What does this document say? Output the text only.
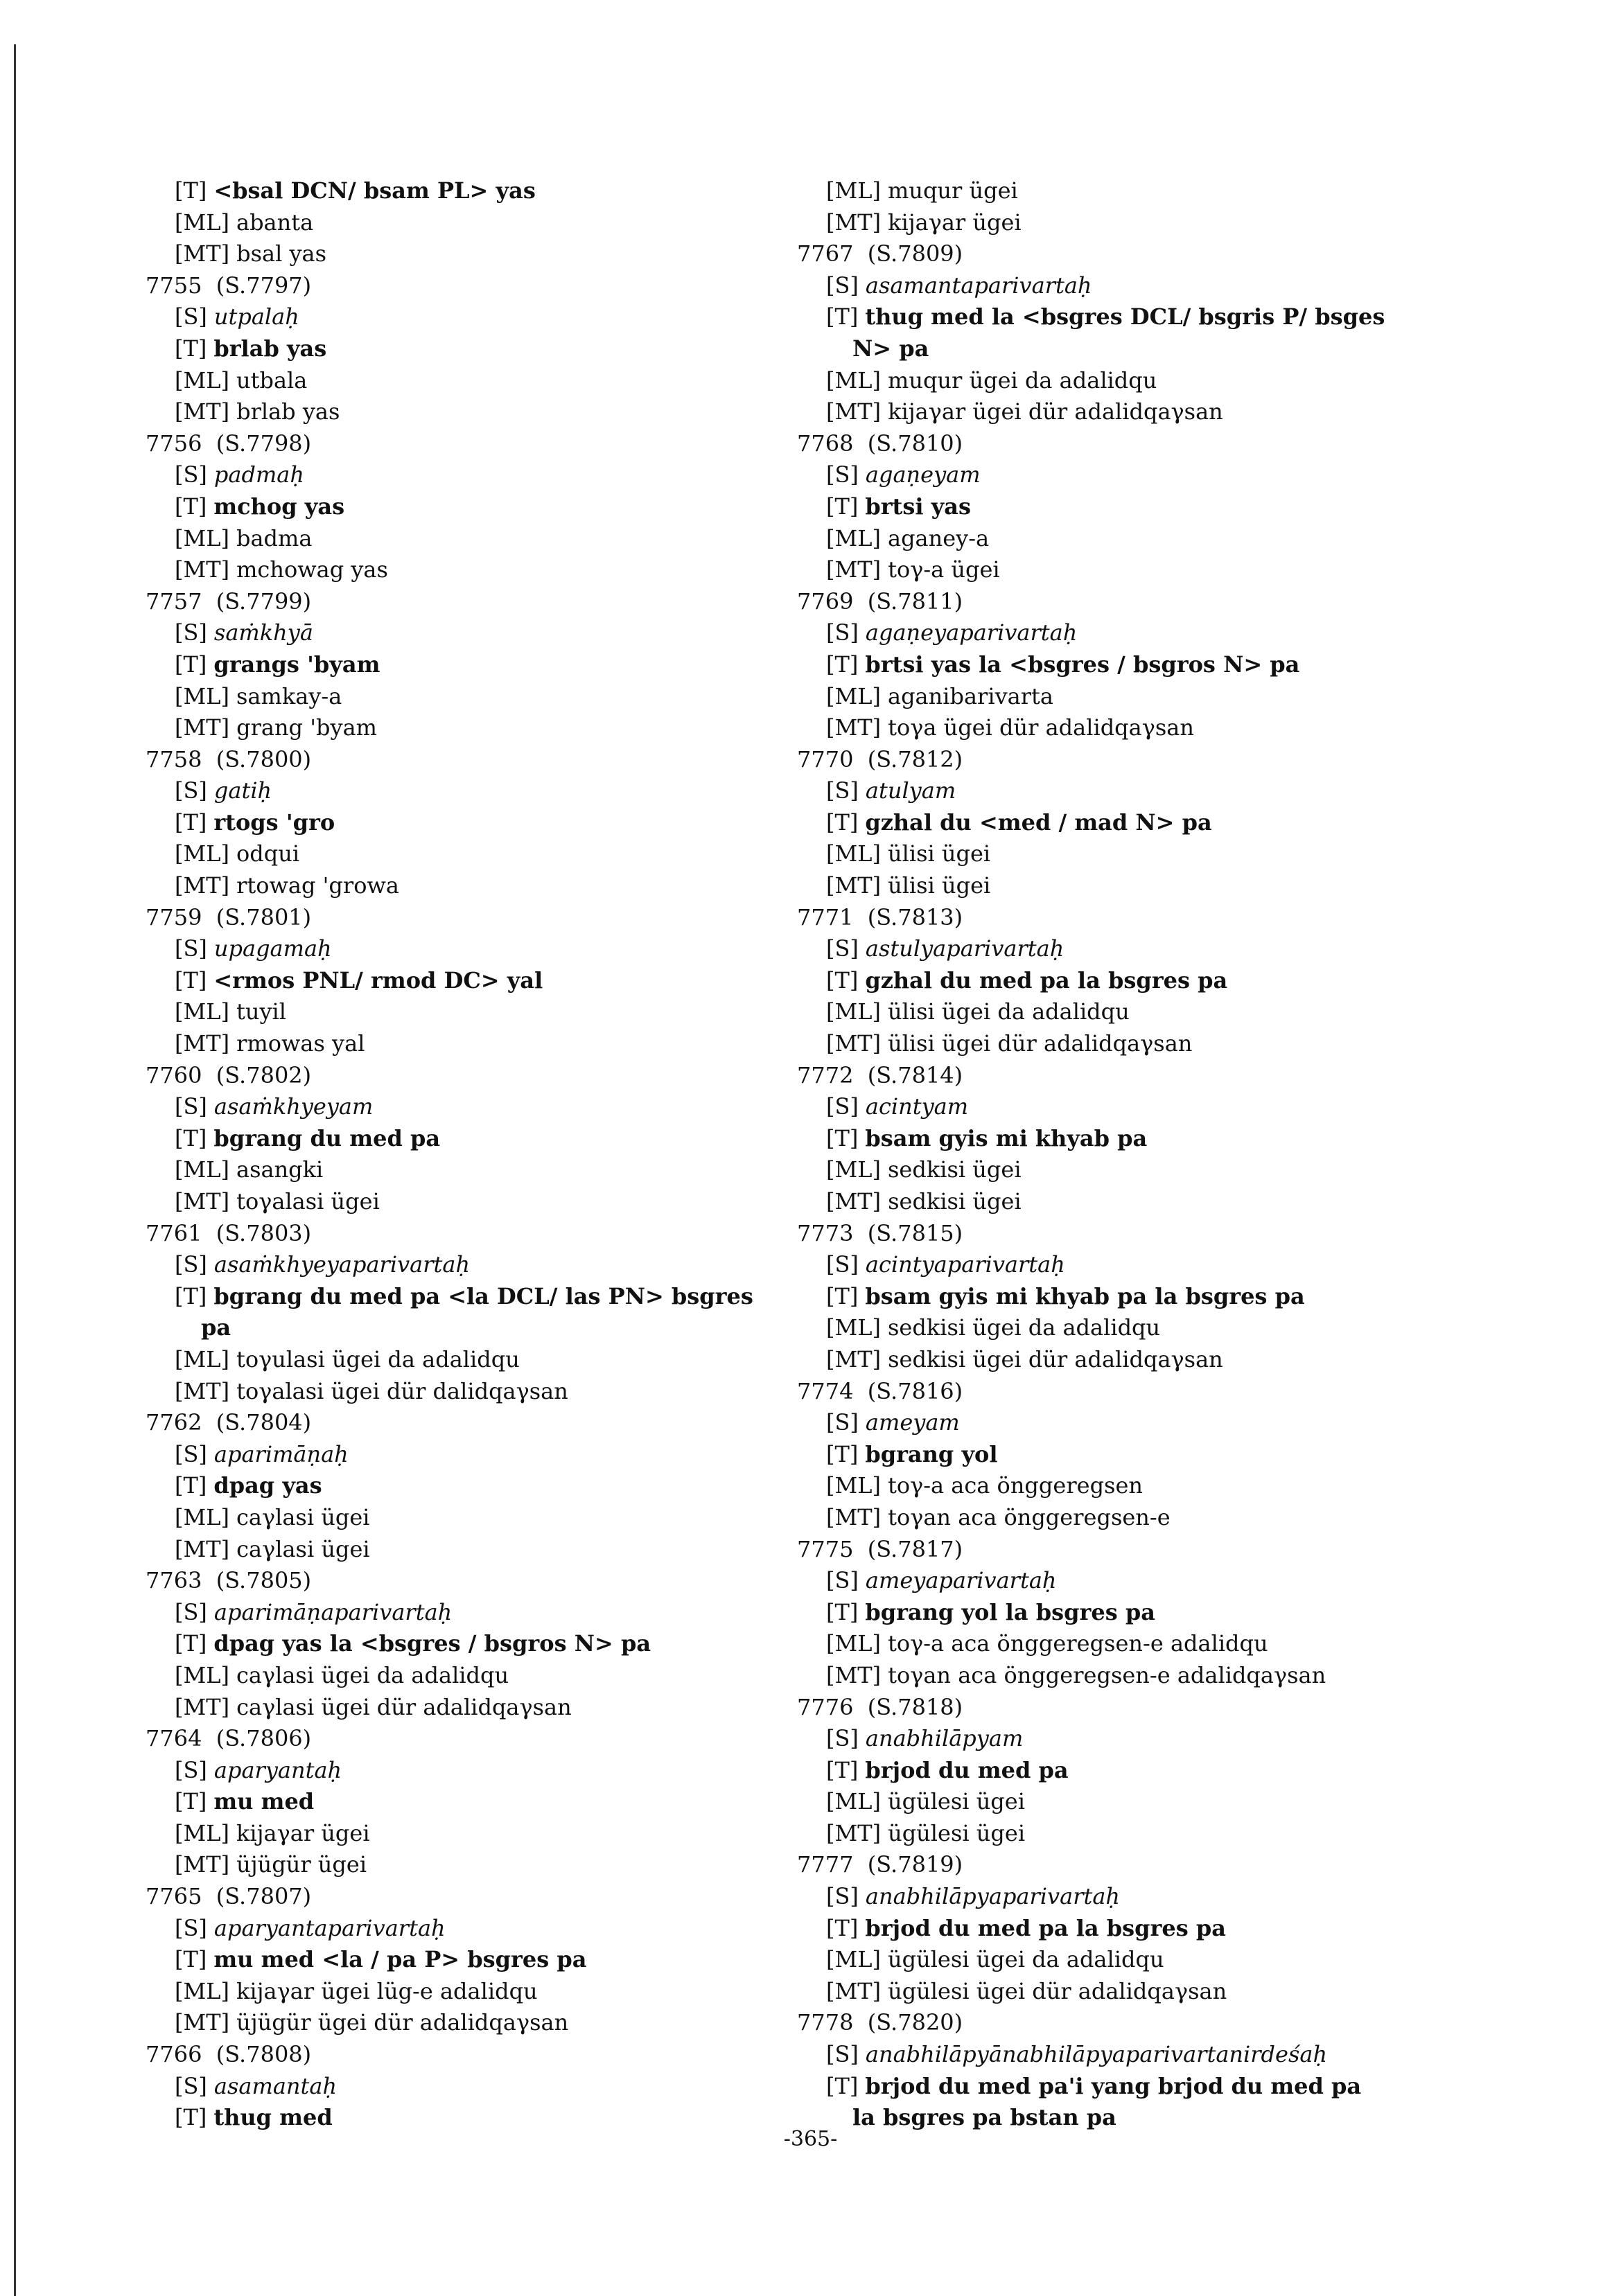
[T] <bsal DCN/ bsam PL> yas
[ML] abanta
[MT] bsal yas
7755  (S.7797)
[S] utpalaḥ
[T] brlab yas
[ML] utbala
[MT] brlab yas
7756  (S.7798)
[S] padmaḥ
[T] mchog yas
[ML] badma
[MT] mchowag yas
7757  (S.7799)
[S] saṁkhyā
[T] grangs 'byam
[ML] samkay-a
[MT] grang 'byam
7758  (S.7800)
[S] gatiḥ
[T] rtogs 'gro
[ML] odqui
[MT] rtowag 'growa
7759  (S.7801)
[S] upagamaḥ
[T] <rmos PNL/ rmod DC> yal
[ML] tuyil
[MT] rmowas yal
7760  (S.7802)
[S] asaṁkhyeyam
[T] bgrang du med pa
[ML] asangki
[MT] toγalasi ügei
7761  (S.7803)
[S] asaṁkhyeyaparivartaḥ
[T] bgrang du med pa <la DCL/ las PN> bsgres
pa
[ML] toγulasi ügei da adalidqu
[MT] toγalasi ügei dür dalidqaγsan
7762  (S.7804)
[S] aparimāṇaḥ
[T] dpag yas
[ML] caγlasi ügei
[MT] caγlasi ügei
7763  (S.7805)
[S] aparimāṇaparivartaḥ
[T] dpag yas la <bsgres / bsgros N> pa
[ML] caγlasi ügei da adalidqu
[MT] caγlasi ügei dür adalidqaγsan
7764  (S.7806)
[S] aparyantaḥ
[T] mu med
[ML] kijaγar ügei
[MT] üjügür ügei
7765  (S.7807)
[S] aparyantaparivartaḥ
[T] mu med <la / pa P> bsgres pa
[ML] kijaγar ügei lüg-e adalidqu
[MT] üjügür ügei dür adalidqaγsan
7766  (S.7808)
[S] asamantaḥ
[T] thug med
[ML] muqur ügei
[MT] kijaγar ügei
7767  (S.7809)
[S] asamantaparivartaḥ
[T] thug med la <bsgres DCL/ bsgris P/ bsges
N> pa
[ML] muqur ügei da adalidqu
[MT] kijaγar ügei dür adalidqaγsan
7768  (S.7810)
[S] agaṇeyam
[T] brtsi yas
[ML] aganey-a
[MT] toγ-a ügei
7769  (S.7811)
[S] agaṇeyaparivartaḥ
[T] brtsi yas la <bsgres / bsgros N> pa
[ML] aganibarivarta
[MT] toγa ügei dür adalidqaγsan
7770  (S.7812)
[S] atulyam
[T] gzhal du <med / mad N> pa
[ML] ülisi ügei
[MT] ülisi ügei
7771  (S.7813)
[S] astulyaparivartaḥ
[T] gzhal du med pa la bsgres pa
[ML] ülisi ügei da adalidqu
[MT] ülisi ügei dür adalidqaγsan
7772  (S.7814)
[S] acintyam
[T] bsam gyis mi khyab pa
[ML] sedkisi ügei
[MT] sedkisi ügei
7773  (S.7815)
[S] acintyaparivartaḥ
[T] bsam gyis mi khyab pa la bsgres pa
[ML] sedkisi ügei da adalidqu
[MT] sedkisi ügei dür adalidqaγsan
7774  (S.7816)
[S] ameyam
[T] bgrang yol
[ML] toγ-a aca önggeregsen
[MT] toγan aca önggeregsen-e
7775  (S.7817)
[S] ameyaparivartaḥ
[T] bgrang yol la bsgres pa
[ML] toγ-a aca önggeregsen-e adalidqu
[MT] toγan aca önggeregsen-e adalidqaγsan
7776  (S.7818)
[S] anabhilāpyam
[T] brjod du med pa
[ML] ügülesi ügei
[MT] ügülesi ügei
7777  (S.7819)
[S] anabhilāpyaparivartaḥ
[T] brjod du med pa la bsgres pa
[ML] ügülesi ügei da adalidqu
[MT] ügülesi ügei dür adalidqaγsan
7778  (S.7820)
[S] anabhilāpyānabhilāpyaparivartanirdeśaḥ
[T] brjod du med pa'i yang brjod du med pa
la bsgres pa bstan pa
-365-
